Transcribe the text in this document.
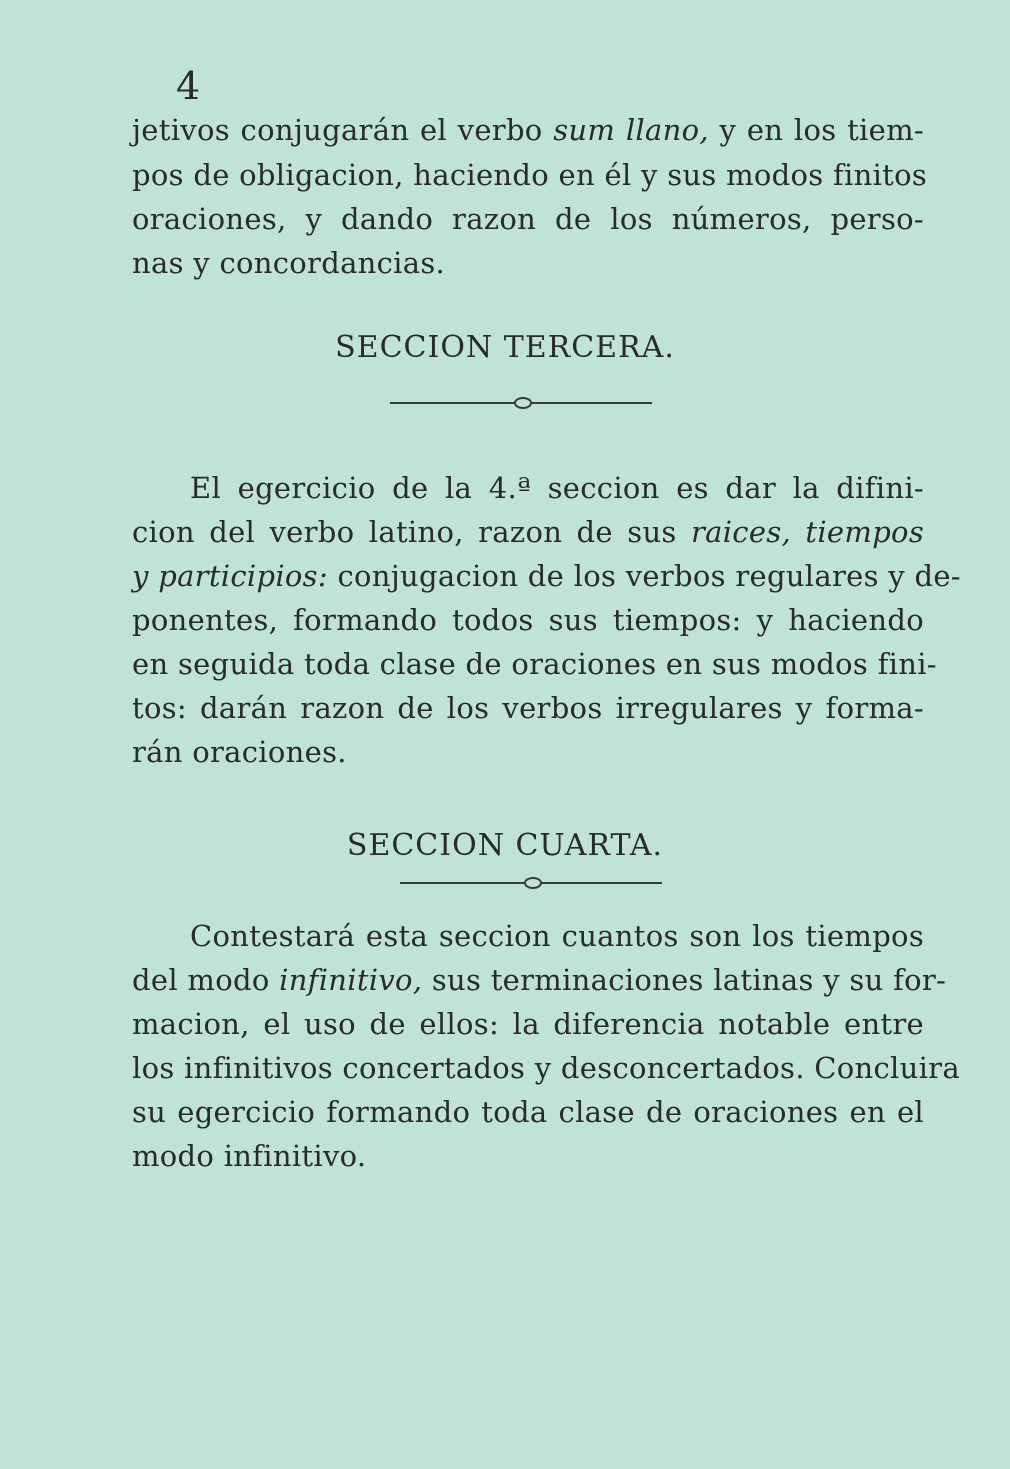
4
jetivos conjugarán el verbo sum llano, y en los tiem-
pos de obligacion, haciendo en él y sus modos finitos
oraciones, y dando razon de los números, perso-
nas y concordancias.
SECCION TERCERA.
El egercicio de la 4.ª seccion es dar la difini-
cion del verbo latino, razon de sus raices, tiempos
y participios: conjugacion de los verbos regulares y de-
ponentes, formando todos sus tiempos: y haciendo
en seguida toda clase de oraciones en sus modos fini-
tos: darán razon de los verbos irregulares y forma-
rán oraciones.
SECCION CUARTA.
Contestará esta seccion cuantos son los tiempos
del modo infinitivo, sus terminaciones latinas y su for-
macion, el uso de ellos: la diferencia notable entre
los infinitivos concertados y desconcertados. Concluira
su egercicio formando toda clase de oraciones en el
modo infinitivo.
